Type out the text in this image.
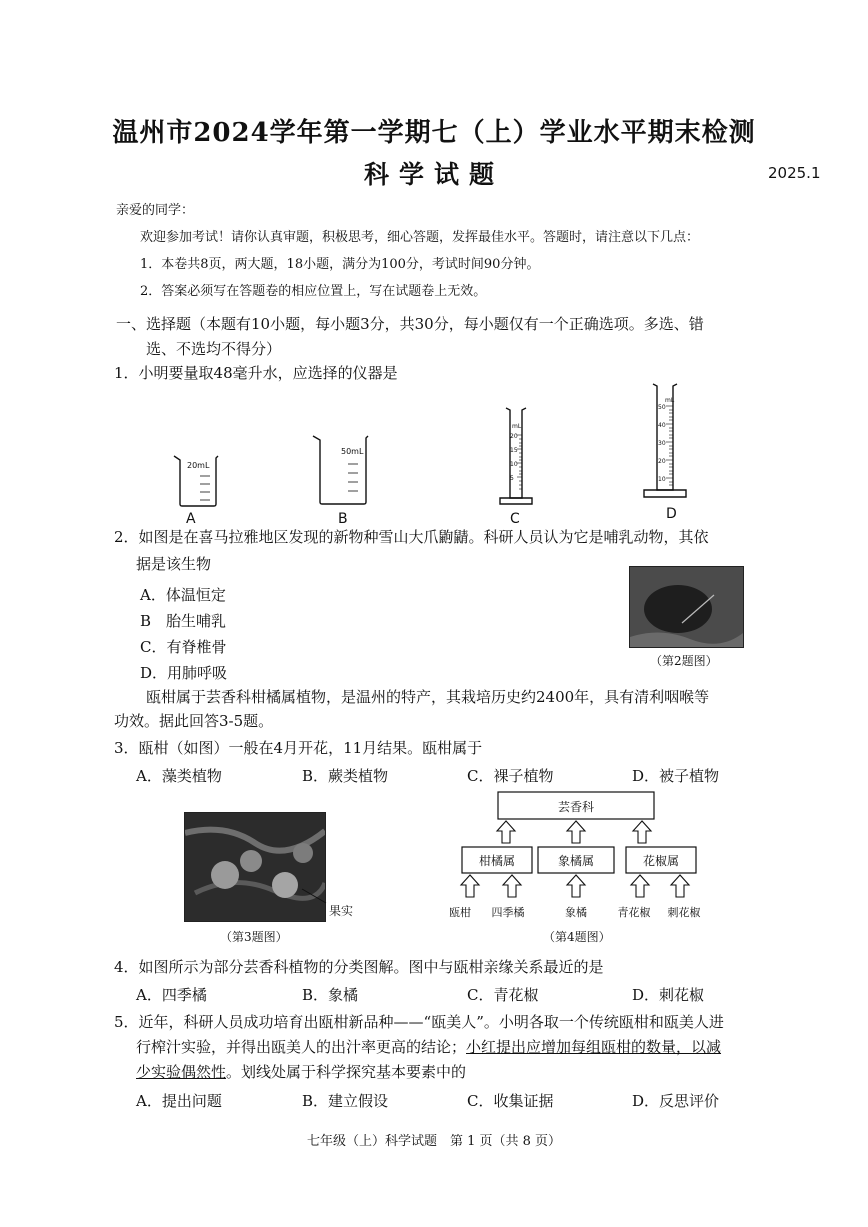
温州市2024学年第一学期七（上）学业水平期末检测
科学试题	2025.1
亲爱的同学：
欢迎参加考试！请你认真审题，积极思考，细心答题，发挥最佳水平。答题时，请注意以下几点：
1．本卷共8页，两大题，18小题，满分为100分，考试时间90分钟。
2．答案必须写在答题卷的相应位置上，写在试题卷上无效。
一、选择题（本题有10小题，每小题3分，共30分，每小题仅有一个正确选项。多选、错
选、不选均不得分）
1．小明要量取48毫升水，应选择的仪器是
20mL
50mL
mL
20
15
10
5
mL
50
40
30
20
10
A	B	C	D
2．如图是在喜马拉雅地区发现的新物种雪山大爪鼩鼱。科研人员认为它是哺乳动物，其依
据是该生物
A．体温恒定
B　胎生哺乳
C．有脊椎骨
D．用肺呼吸
（第2题图）
瓯柑属于芸香科柑橘属植物，是温州的特产，其栽培历史约2400年，具有清利咽喉等
功效。据此回答3-5题。
3．瓯柑（如图）一般在4月开花，11月结果。瓯柑属于
A．藻类植物	B．蕨类植物	C．裸子植物	D．被子植物
果实
（第3题图）
芸香科
柑橘属	象橘属	花椒属
瓯柑 四季橘	象橘	青花椒 刺花椒
（第4题图）
4．如图所示为部分芸香科植物的分类图解。图中与瓯柑亲缘关系最近的是
A．四季橘	B．象橘	C．青花椒	D．刺花椒
5．近年，科研人员成功培育出瓯柑新品种——“瓯美人”。小明各取一个传统瓯柑和瓯美人进
行榨汁实验，并得出瓯美人的出汁率更高的结论；小红提出应增加每组瓯柑的数量，以减
少实验偶然性。划线处属于科学探究基本要素中的
A．提出问题	B．建立假设	C．收集证据	D．反思评价
七年级（上）科学试题　第 1 页（共 8 页）
